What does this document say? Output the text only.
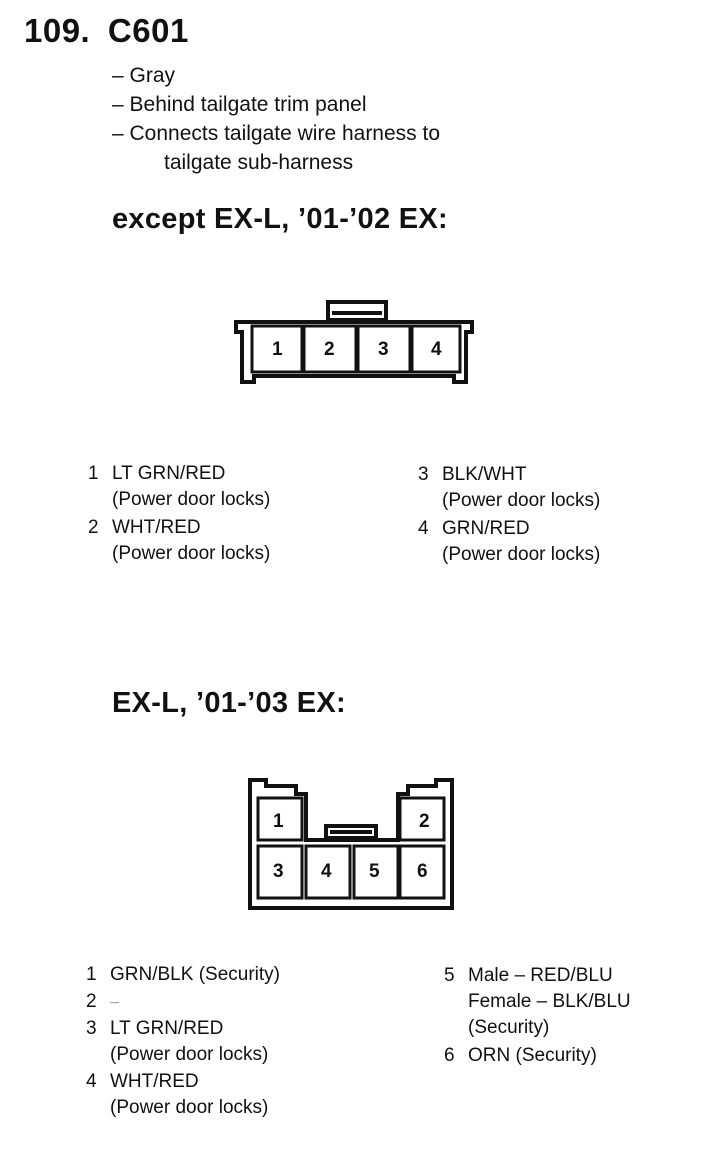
109. C601
– Gray
– Behind tailgate trim panel
– Connects tailgate wire harness to
tailgate sub-harness
except EX-L, ’01-’02 EX:
1 2 3 4
1 LT GRN/RED
(Power door locks)
2 WHT/RED
(Power door locks)
3 BLK/WHT
(Power door locks)
4 GRN/RED
(Power door locks)
EX-L, ’01-’03 EX:
1	2
3 4 5 6
1 GRN/BLK (Security)
2 —
3 LT GRN/RED
(Power door locks)
4 WHT/RED
(Power door locks)
5 Male – RED/BLU
Female – BLK/BLU
(Security)
6 ORN (Security)
